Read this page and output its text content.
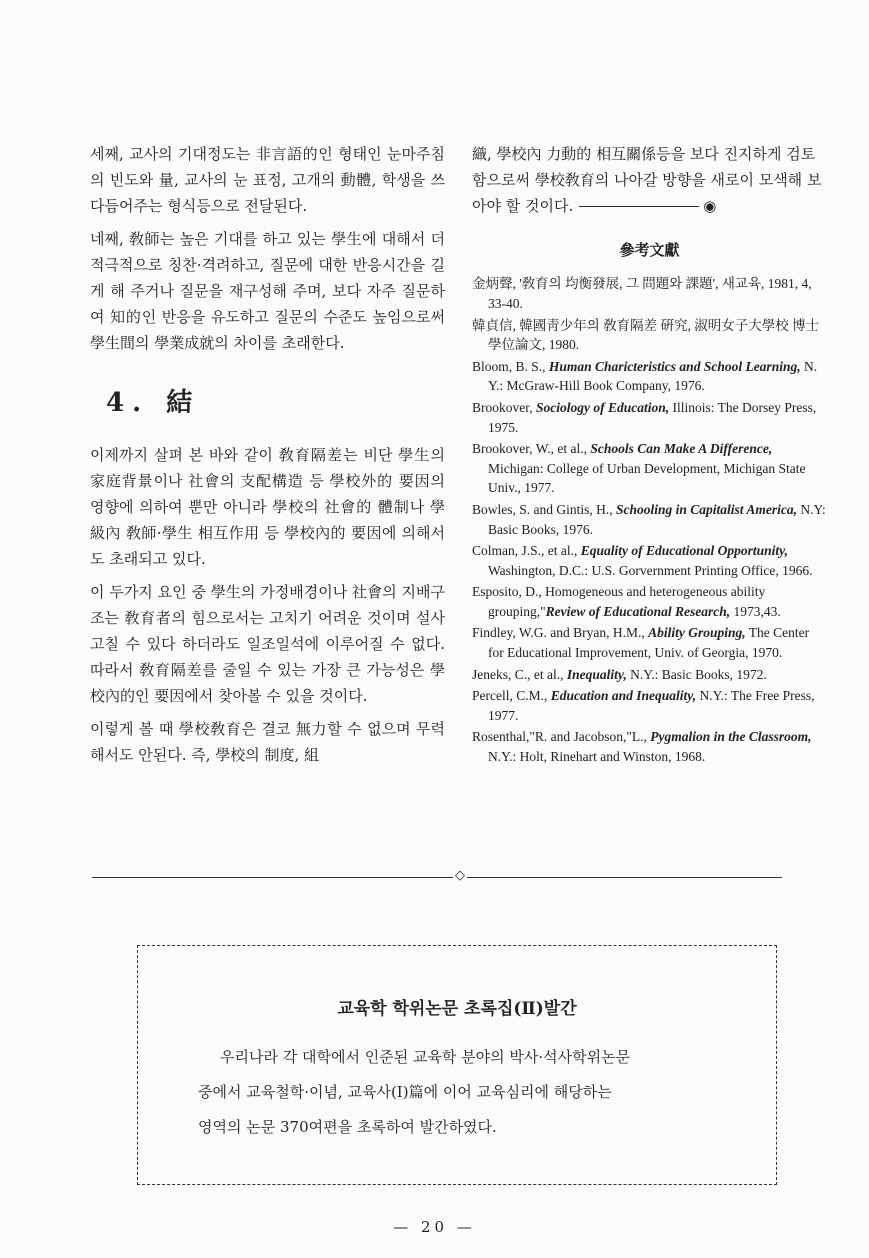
세째, 교사의 기대정도는 非言語的인 형태인 눈마주침의 빈도와 量, 교사의 눈 표정, 고개의 動體, 학생을 쓰다듬어주는 형식등으로 전달된다.

네째, 敎師는 높은 기대를 하고 있는 學生에 대해서 더 적극적으로 칭찬·격려하고, 질문에 대한 반응시간을 길게 해 주거나 질문을 재구성해 주며, 보다 자주 질문하여 知的인 반응을 유도하고 질문의 수준도 높임으로써 學生間의 學業成就의 차이를 초래한다.

4. 結

이제까지 살펴 본 바와 같이 敎育隔差는 비단 學生의 家庭背景이나 社會의 支配構造 등 學校外的 要因의 영향에 의하여 뿐만 아니라 學校의 社會的 體制나 學級內 敎師·學生 相互作用 등 學校內的 要因에 의해서도 초래되고 있다.

이 두가지 요인 중 學生의 가정배경이나 社會의 지배구조는 敎育者의 힘으로서는 고치기 어려운 것이며 설사 고칠 수 있다 하더라도 일조일석에 이루어질 수 없다. 따라서 敎育隔差를 줄일 수 있는 가장 큰 가능성은 學校內的인 要因에서 찾아볼 수 있을 것이다.

이렇게 볼 때 學校敎育은 결코 無力할 수 없으며 무력해서도 안된다. 즉, 學校의 制度, 組

織, 學校內 力動的 相互關係등을 보다 진지하게 검토함으로써 學校敎育의 나아갈 방향을 새로이 모색해 보아야 할 것이다.	◉

參考文獻

金炳聲, '敎育의 均衡發展, 그 問題와 課題', 새교육, 1981, 4, 33-40.

韓貞信, 韓國靑少年의 敎育隔差 硏究, 淑明女子大學校 博士學位論文, 1980.

Bloom, B. S., Human Charicteristics and School Learning, N. Y.: McGraw-Hill Book Company, 1976.

Brookover, Sociology of Education, Illinois: The Dorsey Press, 1975.

Brookover, W., et al., Schools Can Make A Difference, Michigan: College of Urban Development, Michigan State Univ., 1977.

Bowles, S. and Gintis, H., Schooling in Capitalist America, N.Y: Basic Books, 1976.

Colman, J.S., et al., Equality of Educational Opportunity, Washington, D.C.: U.S. Gorvernment Printing Office, 1966.

Esposito, D., Homogeneous and heterogeneous ability grouping,"Review of Educational Research, 1973,43.

Findley, W.G. and Bryan, H.M., Ability Grouping, The Center for Educational Improvement, Univ. of Georgia, 1970.

Jeneks, C., et al., Inequality, N.Y.: Basic Books, 1972.

Percell, C.M., Education and Inequality, N.Y.: The Free Press, 1977.

Rosenthal,"R. and Jacobson,"L., Pygmalion in the Classroom, N.Y.: Holt, Rinehart and Winston, 1968.

◇
교육학 학위논문 초록집(Ⅱ)발간
우리나라 각 대학에서 인준된 교육학 분야의 박사·석사학위논문
중에서 교육철학·이념, 교육사(Ⅰ)篇에 이어 교육심리에 해당하는
영역의 논문 370여편을 초록하여 발간하였다.
— 20 —
